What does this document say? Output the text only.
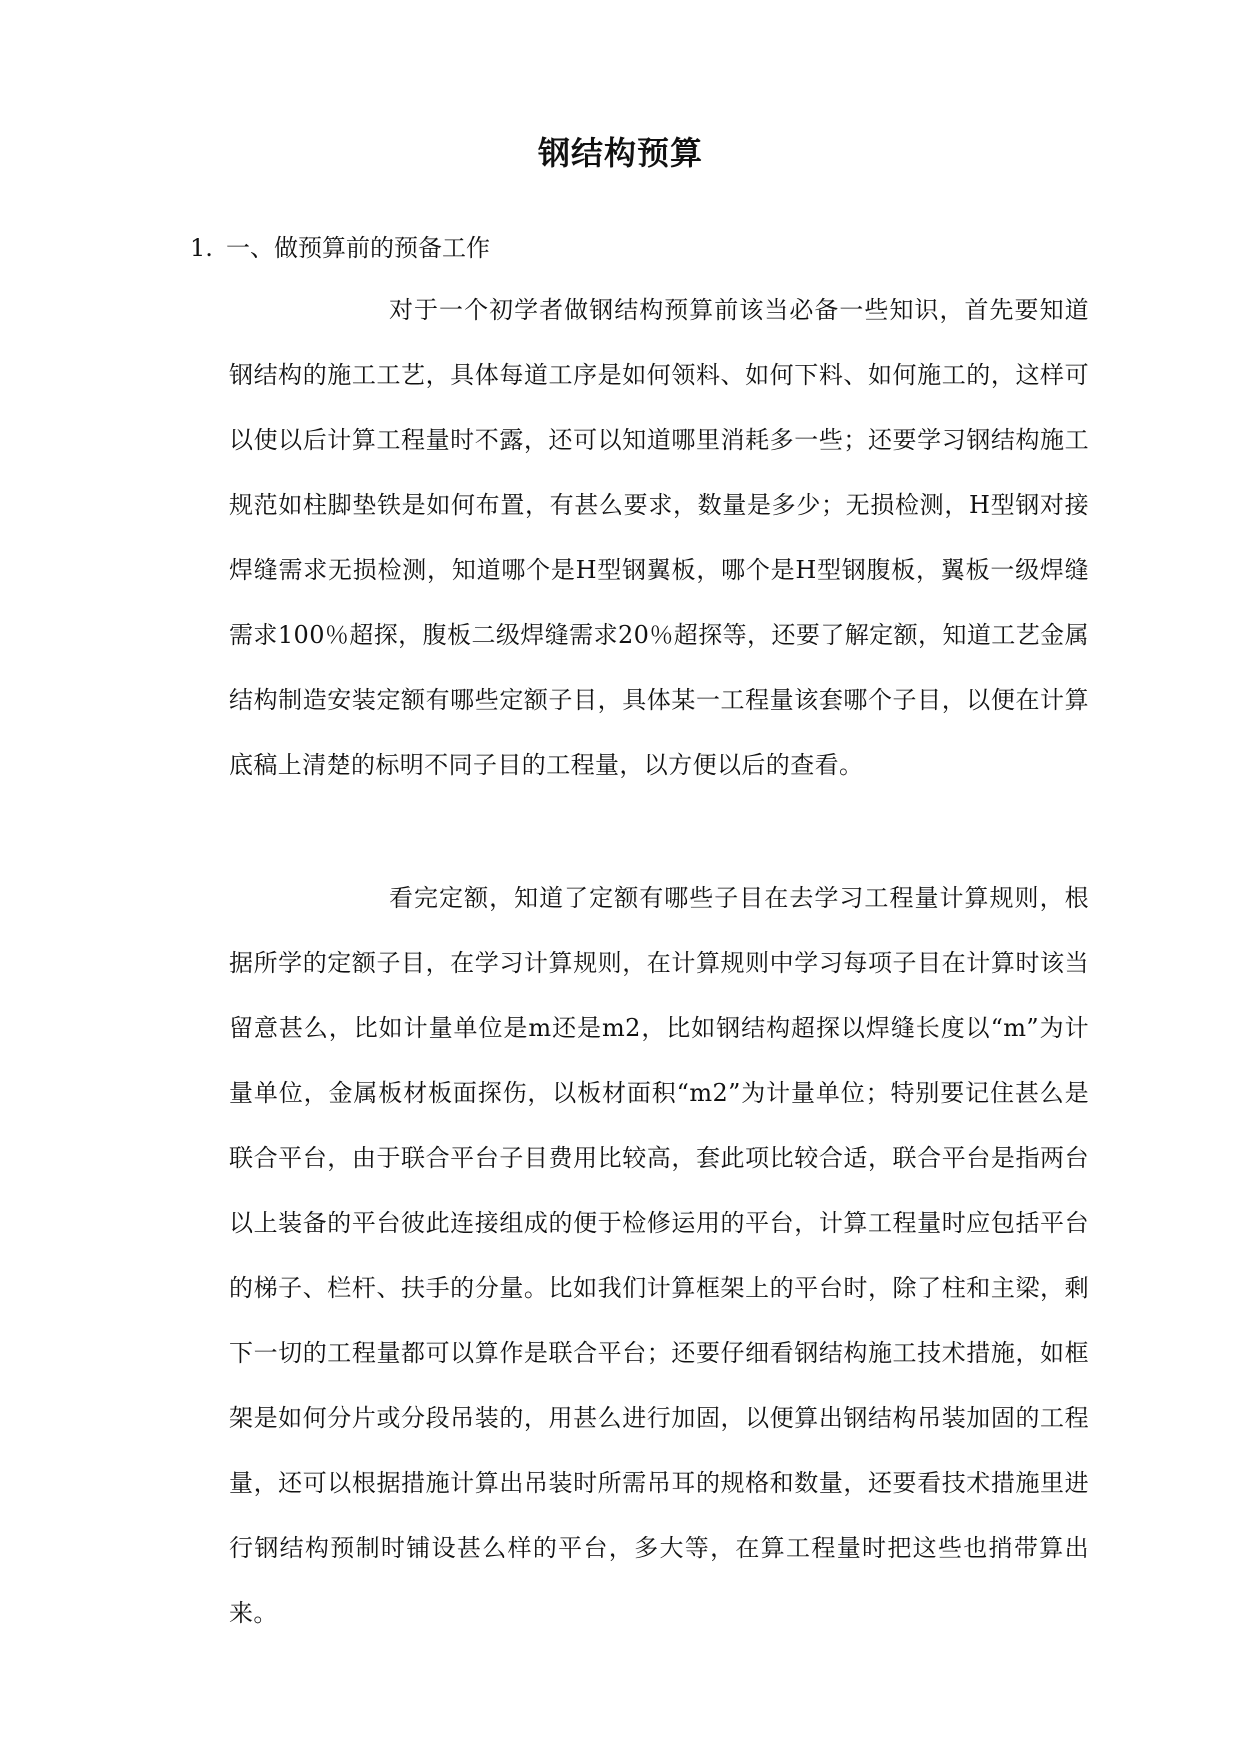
钢结构预算
1. 一、做预算前的预备工作

对于一个初学者做钢结构预算前该当必备一些知识，首先要知道钢结构的施工工艺，具体每道工序是如何领料、如何下料、如何施工的，这样可以使以后计算工程量时不露，还可以知道哪里消耗多一些；还要学习钢结构施工规范如柱脚垫铁是如何布置，有甚么要求，数量是多少；无损检测，H型钢对接焊缝需求无损检测，知道哪个是H型钢翼板，哪个是H型钢腹板，翼板一级焊缝需求100％超探，腹板二级焊缝需求20％超探等，还要了解定额，知道工艺金属结构制造安装定额有哪些定额子目，具体某一工程量该套哪个子目，以便在计算底稿上清楚的标明不同子目的工程量，以方便以后的查看。

看完定额，知道了定额有哪些子目在去学习工程量计算规则，根据所学的定额子目，在学习计算规则，在计算规则中学习每项子目在计算时该当留意甚么，比如计量单位是m还是m2，比如钢结构超探以焊缝长度以“m”为计量单位，金属板材板面探伤，以板材面积“m2”为计量单位；特别要记住甚么是联合平台，由于联合平台子目费用比较高，套此项比较合适，联合平台是指两台以上装备的平台彼此连接组成的便于检修运用的平台，计算工程量时应包括平台的梯子、栏杆、扶手的分量。比如我们计算框架上的平台时，除了柱和主梁，剩下一切的工程量都可以算作是联合平台；还要仔细看钢结构施工技术措施，如框架是如何分片或分段吊装的，用甚么进行加固，以便算出钢结构吊装加固的工程量，还可以根据措施计算出吊装时所需吊耳的规格和数量，还要看技术措施里进行钢结构预制时铺设甚么样的平台，多大等，在算工程量时把这些也捎带算出来。
